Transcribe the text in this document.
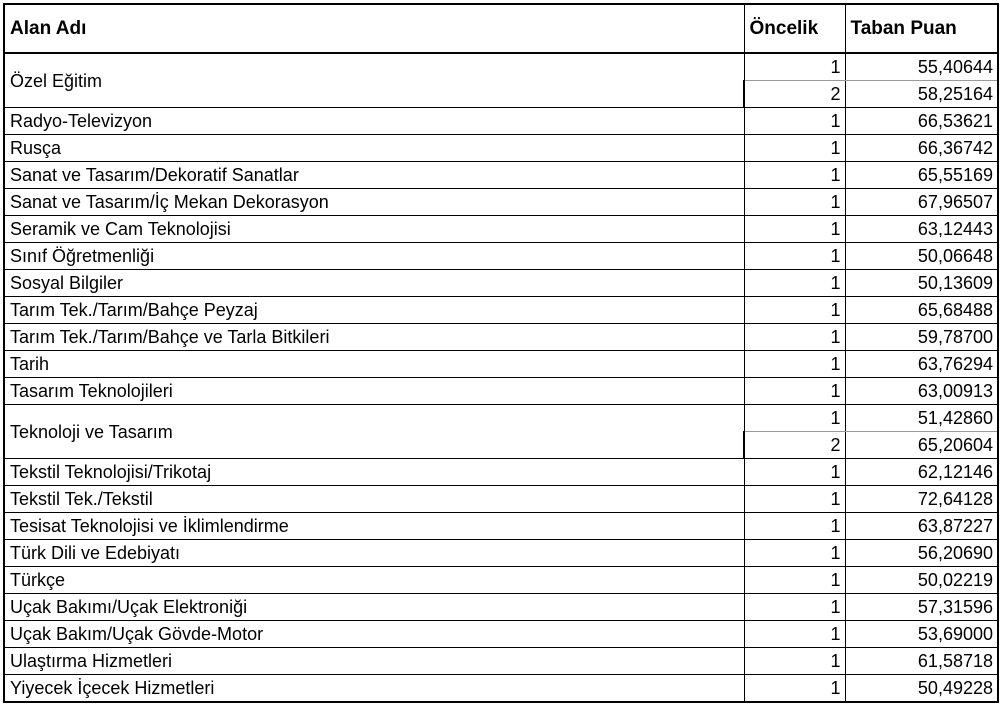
Alan Adı	Öncelik	Taban Puan
Özel Eğitim	1	55,40644
	2	58,25164
Radyo-Televizyon	1	66,53621
Rusça	1	66,36742
Sanat ve Tasarım/Dekoratif Sanatlar	1	65,55169
Sanat ve Tasarım/İç Mekan Dekorasyon	1	67,96507
Seramik ve Cam Teknolojisi	1	63,12443
Sınıf Öğretmenliği	1	50,06648
Sosyal Bilgiler	1	50,13609
Tarım Tek./Tarım/Bahçe Peyzaj	1	65,68488
Tarım Tek./Tarım/Bahçe ve Tarla Bitkileri	1	59,78700
Tarih	1	63,76294
Tasarım Teknolojileri	1	63,00913
Teknoloji ve Tasarım	1	51,42860
	2	65,20604
Tekstil Teknolojisi/Trikotaj	1	62,12146
Tekstil Tek./Tekstil	1	72,64128
Tesisat Teknolojisi ve İklimlendirme	1	63,87227
Türk Dili ve Edebiyatı	1	56,20690
Türkçe	1	50,02219
Uçak Bakımı/Uçak Elektroniği	1	57,31596
Uçak Bakım/Uçak Gövde-Motor	1	53,69000
Ulaştırma Hizmetleri	1	61,58718
Yiyecek İçecek Hizmetleri	1	50,49228
